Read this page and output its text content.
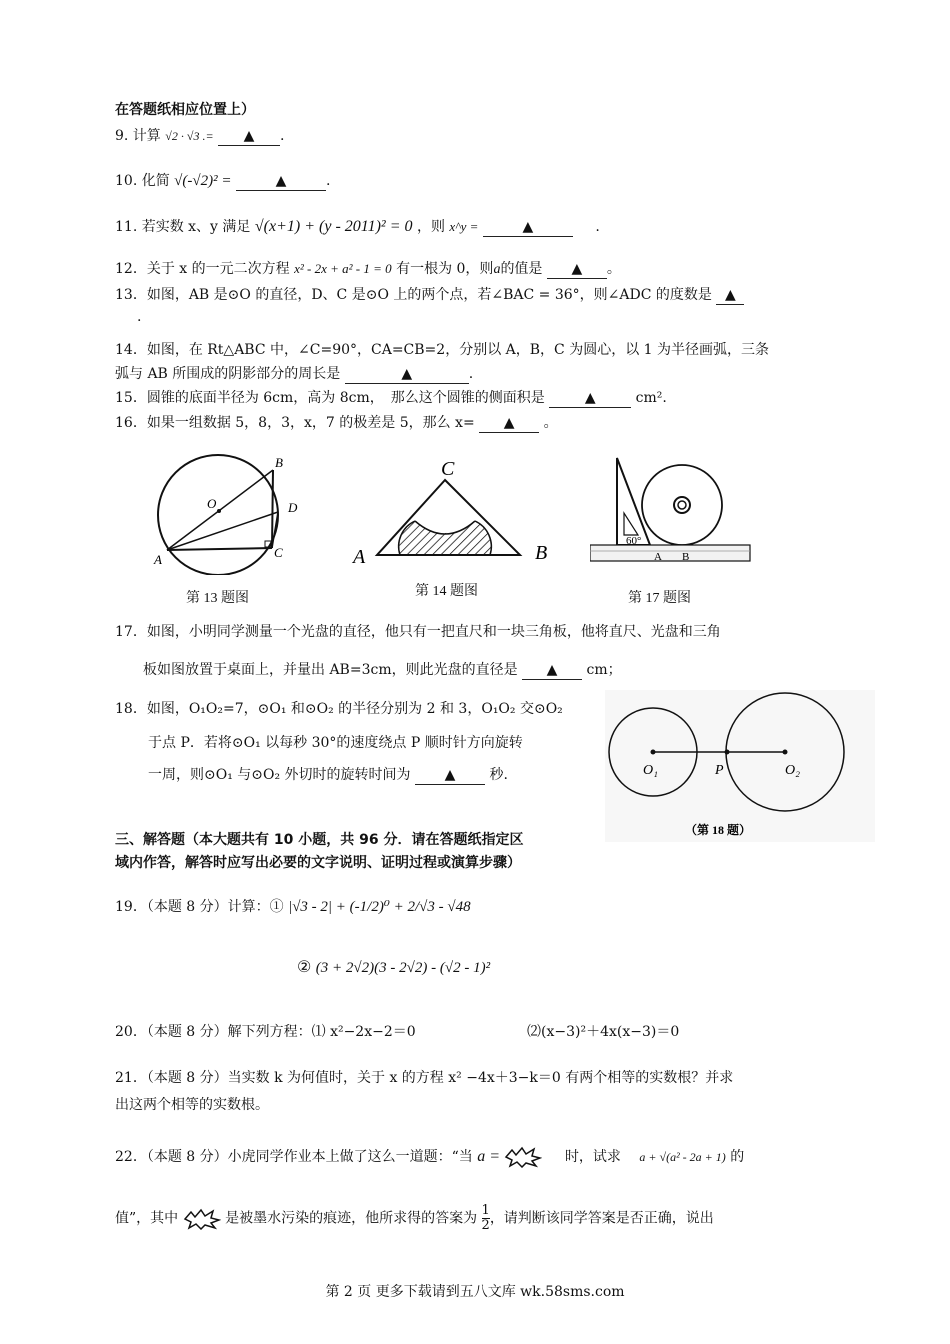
在答题纸相应位置上）
9. 计算 √2 · √3 .= ▲ .
10. 化简 √(-√2)² =	▲	.
11. 若实数 x、y 满足 √(x+1) + (y - 2011)² = 0 ，则 x^y =	▲	.
12．关于 x 的一元二次方程 x² - 2x + a² - 1 = 0 有一根为 0，则a的值是 ▲ 。
13．如图，AB 是⊙O 的直径，D、C 是⊙O 上的两个点，若∠BAC = 36°，则∠ADC 的度数是 ▲
.
14．如图，在 Rt△ABC 中，∠C=90°，CA=CB=2，分别以 A，B，C 为圆心，以 1 为半径画弧，三条
弧与 AB 所围成的阴影部分的周长是	▲	.
15．圆锥的底面半径为 6cm，高为 8cm，　那么这个圆锥的侧面积是	▲	cm².
16．如果一组数据 5，8，3，x，7 的极差是 5，那么 x= ▲ 。
B
O	D
A	C
第 13 题图
C
A	B
第 14 题图
60°
A B
第 17 题图
17．如图，小明同学测量一个光盘的直径，他只有一把直尺和一块三角板，他将直尺、光盘和三角
板如图放置于桌面上，并量出 AB=3cm，则此光盘的直径是 ▲ cm；
18．如图，O₁O₂=7，⊙O₁ 和⊙O₂ 的半径分别为 2 和 3，O₁O₂ 交⊙O₂
于点 P．若将⊙O₁ 以每秒 30°的速度绕点 P 顺时针方向旋转
一周，则⊙O₁ 与⊙O₂ 外切时的旋转时间为 ▲ 秒.	O₁	P	O₂
（第 18 题）
三、解答题（本大题共有 10 小题，共 96 分．请在答题纸指定区
域内作答，解答时应写出必要的文字说明、证明过程或演算步骤）
19．（本题 8 分）计算：① |√3 - 2| + (-1/2)⁰ + 2/√3 - √48
② (3 + 2√2)(3 - 2√2) - (√2 - 1)²
20．（本题 8 分）解下列方程：⑴ x²−2x−2＝0	⑵(x−3)²＋4x(x−3)＝0
21．（本题 8 分）当实数 k 为何值时，关于 x 的方程 x² −4x＋3−k＝0 有两个相等的实数根？并求
出这两个相等的实数根。
22．（本题 8 分）小虎同学作业本上做了这么一道题：“当 a =	时，试求 a + √(a² - 2a + 1) 的
值”，其中	是被墨水污染的痕迹，他所求得的答案为 $\frac{1}{2}$ ，请判断该同学答案是否正确，说出
第 2 页 更多下载请到五八文库 wk.58sms.com
